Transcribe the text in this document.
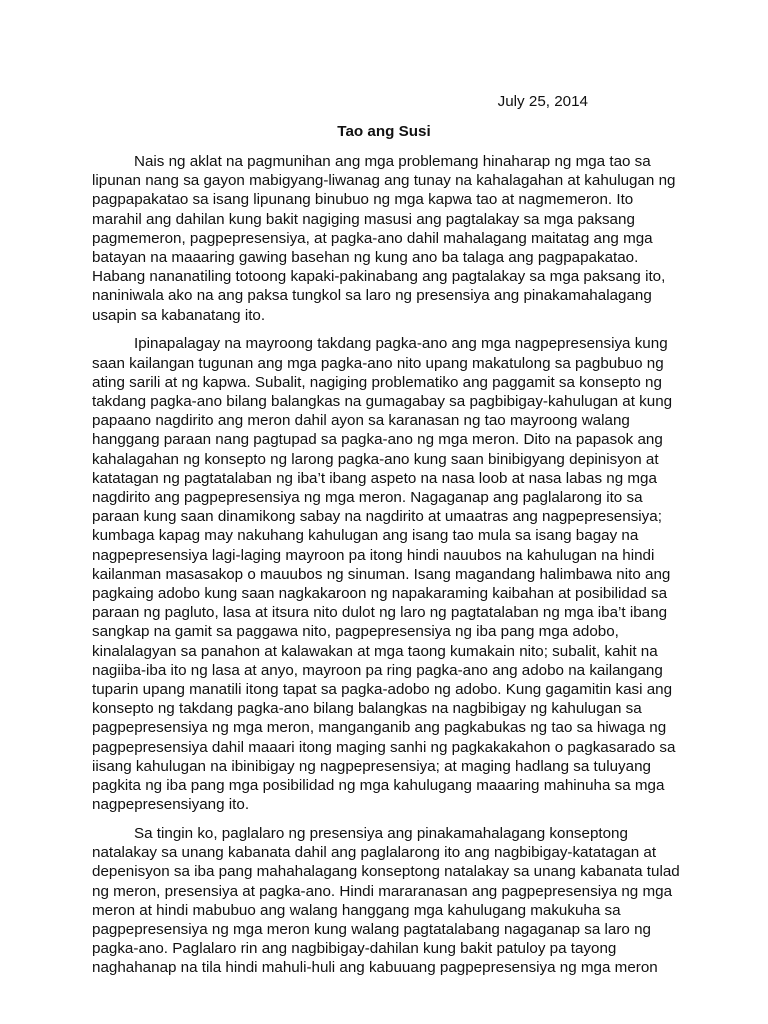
July 25, 2014

Tao ang Susi

Nais ng aklat na pagmunihan ang mga problemang hinaharap ng mga tao sa
lipunan nang sa gayon mabigyang-liwanag ang tunay na kahalagahan at kahulugan ng
pagpapakatao sa isang lipunang binubuo ng mga kapwa tao at nagmemeron. Ito
marahil ang dahilan kung bakit nagiging masusi ang pagtalakay sa mga paksang
pagmemeron, pagpepresensiya, at pagka-ano dahil mahalagang maitatag ang mga
batayan na maaaring gawing basehan ng kung ano ba talaga ang pagpapakatao.
Habang nananatiling totoong kapaki-pakinabang ang pagtalakay sa mga paksang ito,
naniniwala ako na ang paksa tungkol sa laro ng presensiya ang pinakamahalagang
usapin sa kabanatang ito.
Ipinapalagay na mayroong takdang pagka-ano ang mga nagpepresensiya kung
saan kailangan tugunan ang mga pagka-ano nito upang makatulong sa pagbubuo ng
ating sarili at ng kapwa. Subalit, nagiging problematiko ang paggamit sa konsepto ng
takdang pagka-ano bilang balangkas na gumagabay sa pagbibigay-kahulugan at kung
papaano nagdirito ang meron dahil ayon sa karanasan ng tao mayroong walang
hanggang paraan nang pagtupad sa pagka-ano ng mga meron. Dito na papasok ang
kahalagahan ng konsepto ng larong pagka-ano kung saan binibigyang depinisyon at
katatagan ng pagtatalaban ng iba’t ibang aspeto na nasa loob at nasa labas ng mga
nagdirito ang pagpepresensiya ng mga meron. Nagaganap ang paglalarong ito sa
paraan kung saan dinamikong sabay na nagdirito at umaatras ang nagpepresensiya;
kumbaga kapag may nakuhang kahulugan ang isang tao mula sa isang bagay na
nagpepresensiya lagi-laging mayroon pa itong hindi nauubos na kahulugan na hindi
kailanman masasakop o mauubos ng sinuman. Isang magandang halimbawa nito ang
pagkaing adobo kung saan nagkakaroon ng napakaraming kaibahan at posibilidad sa
paraan ng pagluto, lasa at itsura nito dulot ng laro ng pagtatalaban ng mga iba’t ibang
sangkap na gamit sa paggawa nito, pagpepresensiya ng iba pang mga adobo,
kinalalagyan sa panahon at kalawakan at mga taong kumakain nito; subalit, kahit na
nagiiba-iba ito ng lasa at anyo, mayroon pa ring pagka-ano ang adobo na kailangang
tuparin upang manatili itong tapat sa pagka-adobo ng adobo. Kung gagamitin kasi ang
konsepto ng takdang pagka-ano bilang balangkas na nagbibigay ng kahulugan sa
pagpepresensiya ng mga meron, manganganib ang pagkabukas ng tao sa hiwaga ng
pagpepresensiya dahil maaari itong maging sanhi ng pagkakakahon o pagkasarado sa
iisang kahulugan na ibinibigay ng nagpepresensiya; at maging hadlang sa tuluyang
pagkita ng iba pang mga posibilidad ng mga kahulugang maaaring mahinuha sa mga
nagpepresensiyang ito.
Sa tingin ko, paglalaro ng presensiya ang pinakamahalagang konseptong
natalakay sa unang kabanata dahil ang paglalarong ito ang nagbibigay-katatagan at
depenisyon sa iba pang mahahalagang konseptong natalakay sa unang kabanata tulad
ng meron, presensiya at pagka-ano. Hindi mararanasan ang pagpepresensiya ng mga
meron at hindi mabubuo ang walang hanggang mga kahulugang makukuha sa
pagpepresensiya ng mga meron kung walang pagtatalabang nagaganap sa laro ng
pagka-ano. Paglalaro rin ang nagbibigay-dahilan kung bakit patuloy pa tayong
naghahanap na tila hindi mahuli-huli ang kabuuang pagpepresensiya ng mga meron
